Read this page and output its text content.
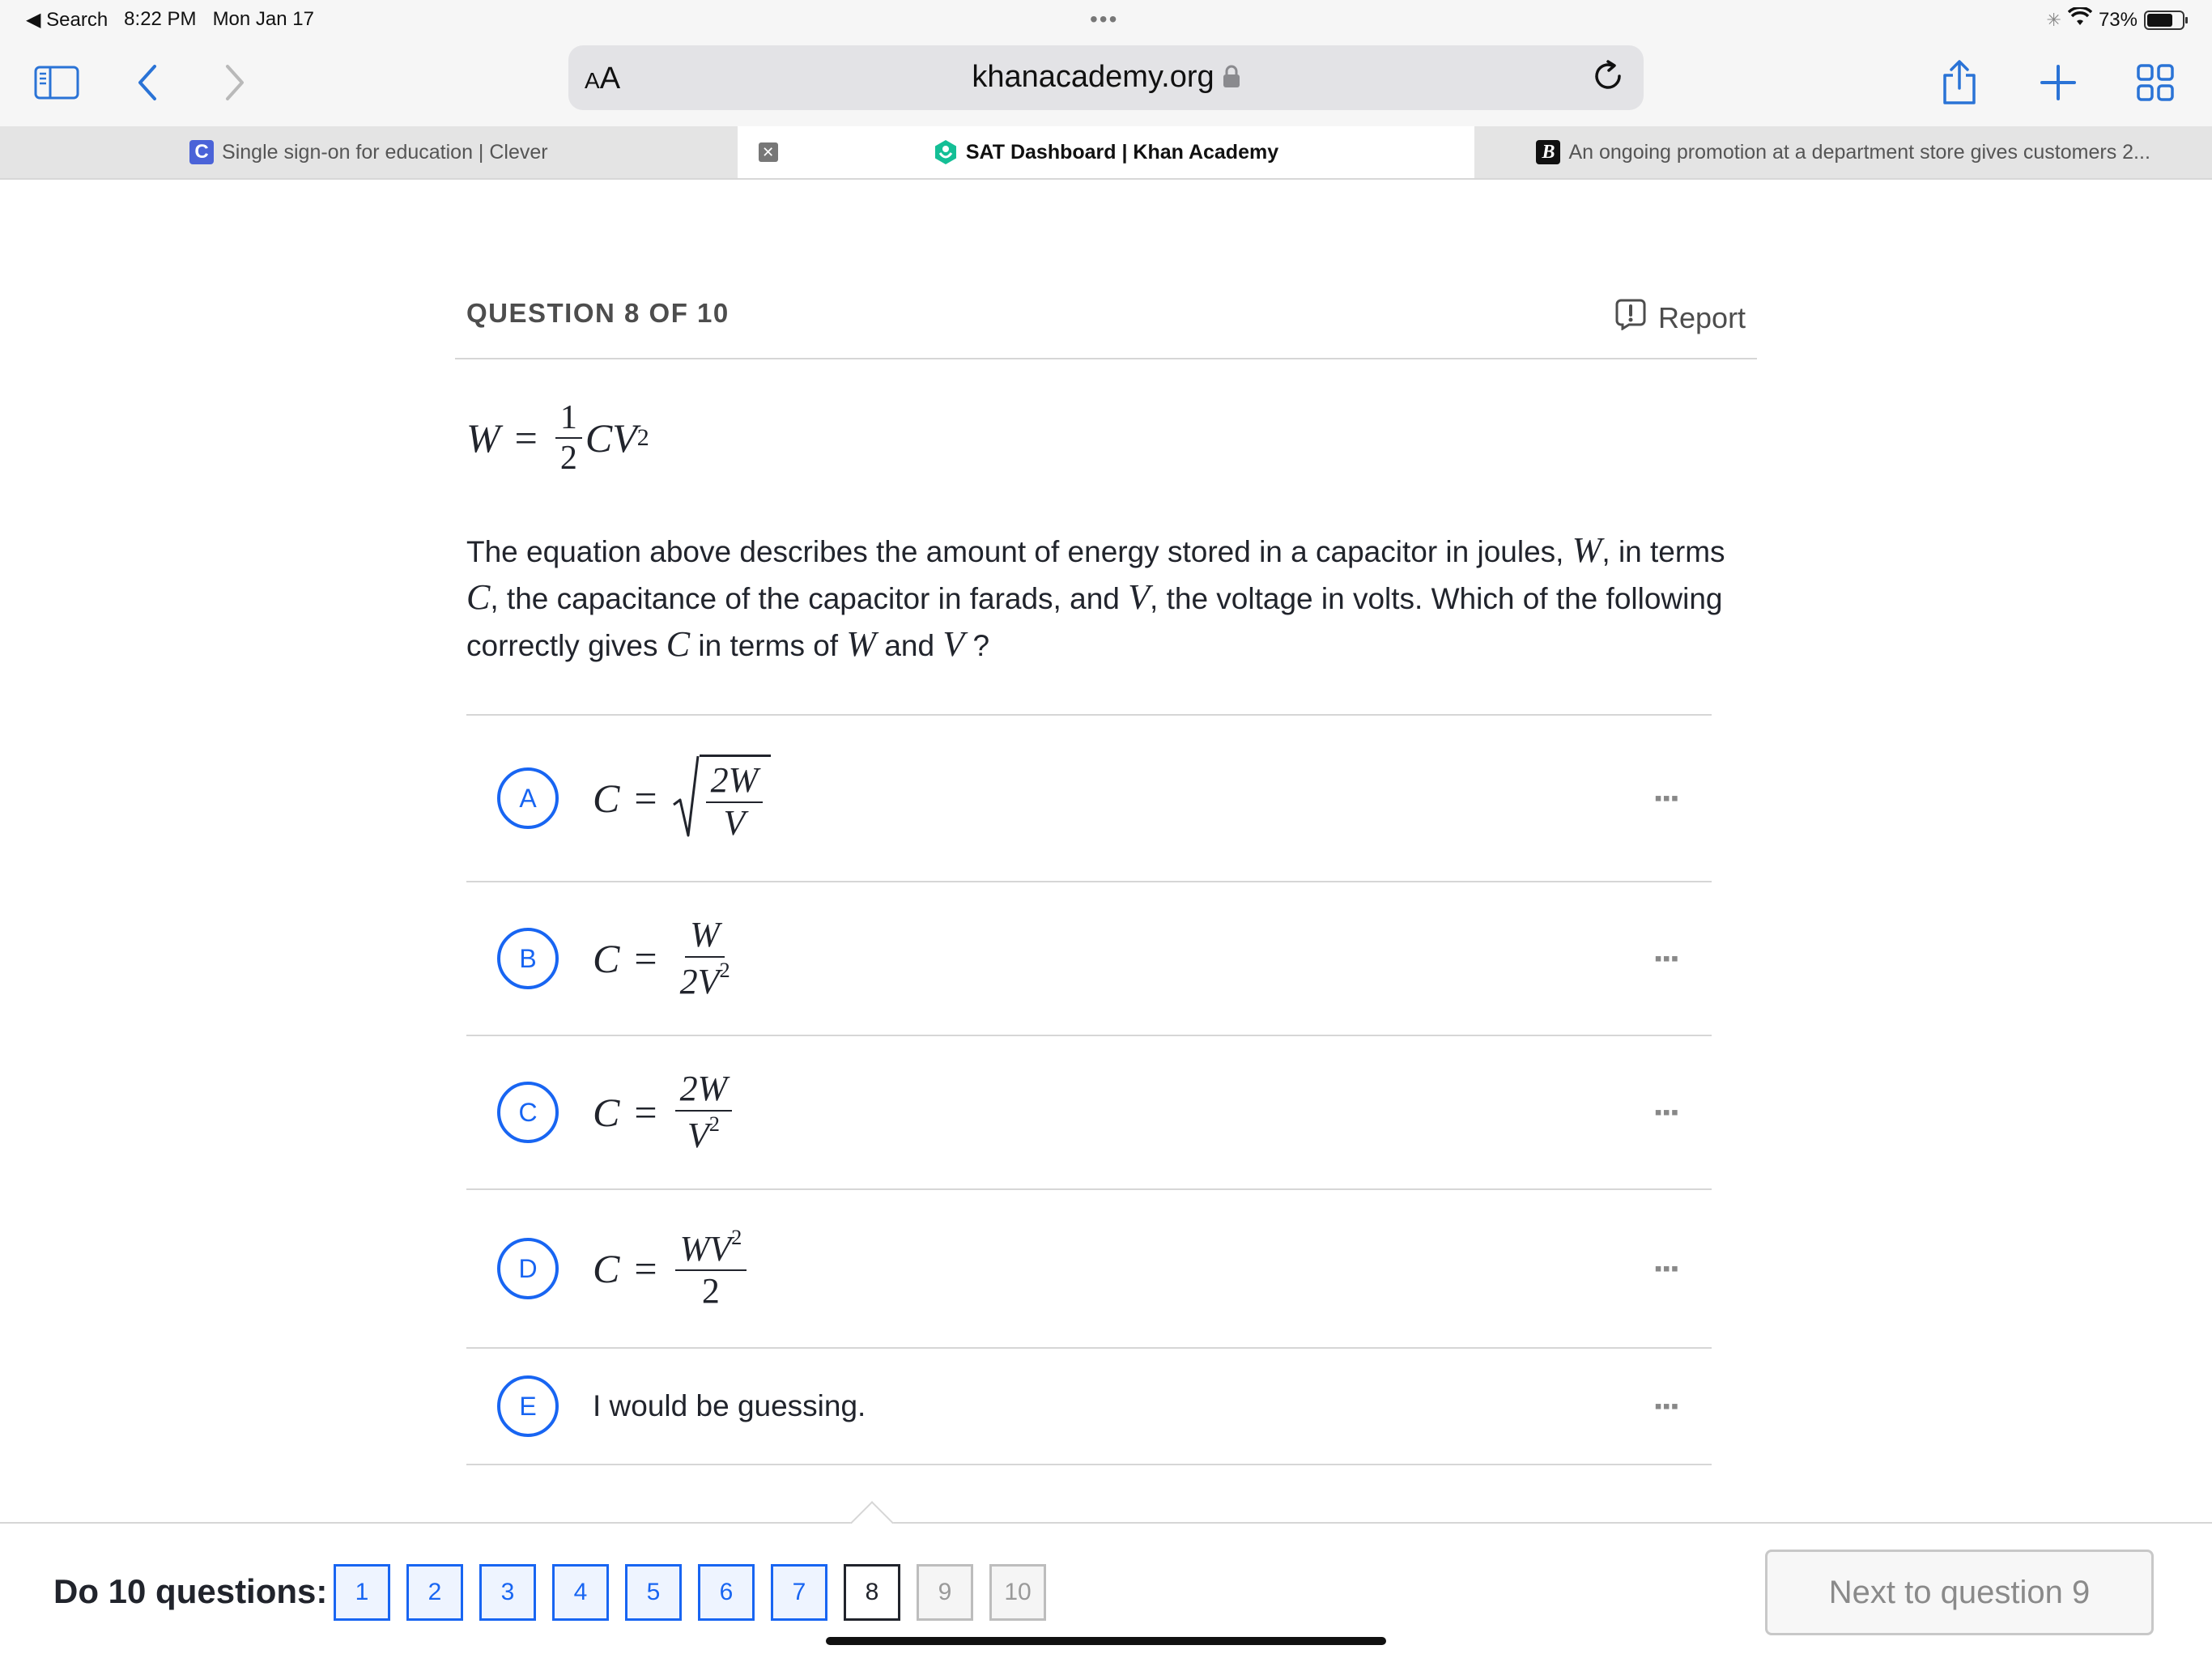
◀ Search 8:22 PM Mon Jan 17	•••	✳ 73%
AA	khanacademy.org
C Single sign-on for education | Clever	✕	SAT Dashboard | Khan Academy	B An ongoing promotion at a department store gives customers 2...
QUESTION 8 OF 10	Report
$W = \frac{1}{2}$ CV 2
The equation above describes the amount of energy stored in a capacitor in joules, W, in terms C, the capacitance of the capacitor in farads, and V, the voltage in volts. Which of the following correctly gives C in terms of W and V ?
A	$C = \frac{2W}{V}$	▪▪▪
B	$C = \frac{W}{2V^2}$	▪▪▪
C	$C = \frac{2W}{V^2}$	▪▪▪
D	$C = \frac{WV^2}{2}$	▪▪▪
E	I would be guessing.	▪▪▪
Do 10 questions:	1	2	3	4	5	6	7	8	9	10	Next to question 9
